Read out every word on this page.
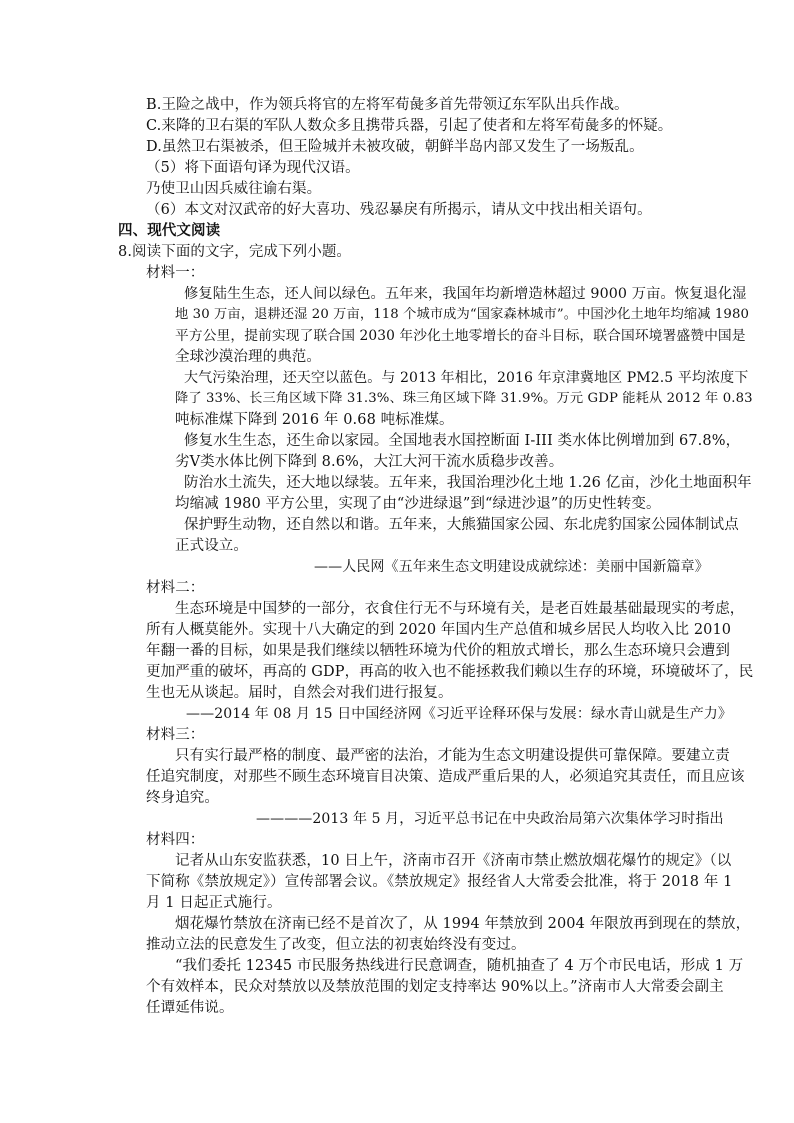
B.王险之战中，作为领兵将官的左将军荀彘多首先带领辽东军队出兵作战。
C.来降的卫右渠的军队人数众多且携带兵器，引起了使者和左将军荀彘多的怀疑。
D.虽然卫右渠被杀，但王险城并未被攻破，朝鲜半岛内部又发生了一场叛乱。
（5）将下面语句译为现代汉语。
乃使卫山因兵威往谕右渠。
（6）本文对汉武帝的好大喜功、残忍暴戾有所揭示，请从文中找出相关语句。
四、现代文阅读
8.阅读下面的文字，完成下列小题。
材料一：
修复陆生生态，还人间以绿色。五年来，我国年均新增造林超过 9000 万亩。恢复退化湿
地 30 万亩，退耕还湿 20 万亩，118 个城市成为“国家森林城市”。中国沙化土地年均缩减 1980
平方公里，提前实现了联合国 2030 年沙化土地零增长的奋斗目标，联合国环境署盛赞中国是
全球沙漠治理的典范。
大气污染治理，还天空以蓝色。与 2013 年相比，2016 年京津冀地区 PM2.5 平均浓度下
降了 33%、长三角区域下降 31.3%、珠三角区域下降 31.9%。万元 GDP 能耗从 2012 年 0.83
吨标准煤下降到 2016 年 0.68 吨标准煤。
修复水生生态，还生命以家园。全国地表水国控断面 I-III 类水体比例增加到 67.8%，
劣Ⅴ类水体比例下降到 8.6%，大江大河干流水质稳步改善。
防治水土流失，还大地以绿装。五年来，我国治理沙化土地 1.26 亿亩，沙化土地面积年
均缩减 1980 平方公里，实现了由“沙进绿退”到“绿进沙退”的历史性转变。
保护野生动物，还自然以和谐。五年来，大熊猫国家公园、东北虎豹国家公园体制试点
正式设立。
——人民网《五年来生态文明建设成就综述：美丽中国新篇章》
材料二：
生态环境是中国梦的一部分，衣食住行无不与环境有关，是老百姓最基础最现实的考虑，
所有人概莫能外。实现十八大确定的到 2020 年国内生产总值和城乡居民人均收入比 2010
年翻一番的目标，如果是我们继续以牺牲环境为代价的粗放式增长，那么生态环境只会遭到
更加严重的破坏，再高的 GDP，再高的收入也不能拯救我们赖以生存的环境，环境破坏了，民
生也无从谈起。届时，自然会对我们进行报复。
——2014 年 08 月 15 日中国经济网《习近平诠释环保与发展：绿水青山就是生产力》
材料三：
只有实行最严格的制度、最严密的法治，才能为生态文明建设提供可靠保障。要建立责
任追究制度，对那些不顾生态环境盲目决策、造成严重后果的人，必须追究其责任，而且应该
终身追究。
————2013 年 5 月，习近平总书记在中央政治局第六次集体学习时指出
材料四：
记者从山东安监获悉，10 日上午，济南市召开《济南市禁止燃放烟花爆竹的规定》（以
下简称《禁放规定》）宣传部署会议。《禁放规定》报经省人大常委会批准，将于 2018 年 1
月 1 日起正式施行。
烟花爆竹禁放在济南已经不是首次了，从 1994 年禁放到 2004 年限放再到现在的禁放，
推动立法的民意发生了改变，但立法的初衷始终没有变过。
“我们委托 12345 市民服务热线进行民意调查，随机抽查了 4 万个市民电话，形成 1 万
个有效样本，民众对禁放以及禁放范围的划定支持率达 90%以上。”济南市人大常委会副主
任谭延伟说。
